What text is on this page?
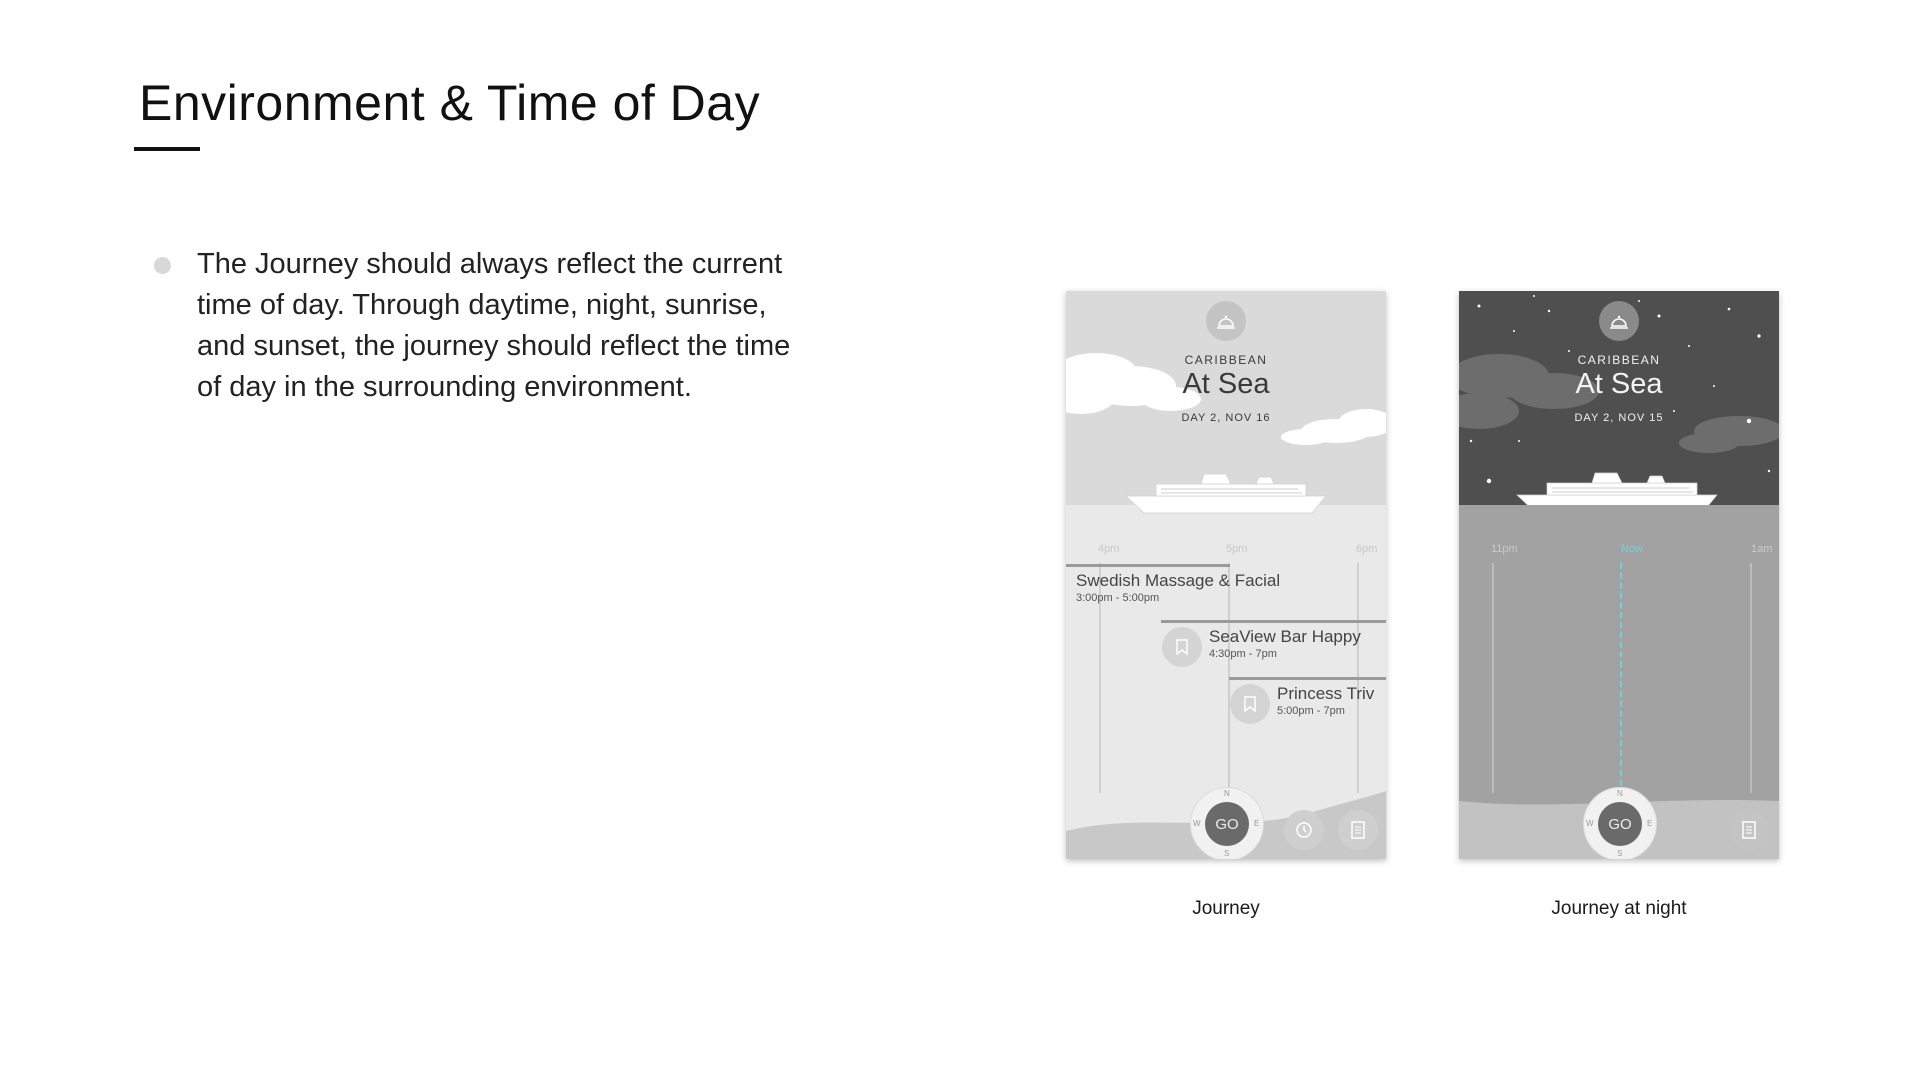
Environment & Time of Day

The Journey should always reflect the current time of day. Through daytime, night, sunrise, and sunset, the journey should reflect the time of day in the surrounding environment.

CARIBBEAN
At Sea
DAY 2, NOV 16
4pm	5pm	6pm
Swedish Massage & Facial
3:00pm - 5:00pm
SeaView Bar Happy
4:30pm - 7pm
Princess Triv
5:00pm - 7pm
N
E
S
W GO
Journey
CARIBBEAN
At Sea
DAY 2, NOV 15
11pm	Now	1am
N
E
S
W GO
Journey at night
